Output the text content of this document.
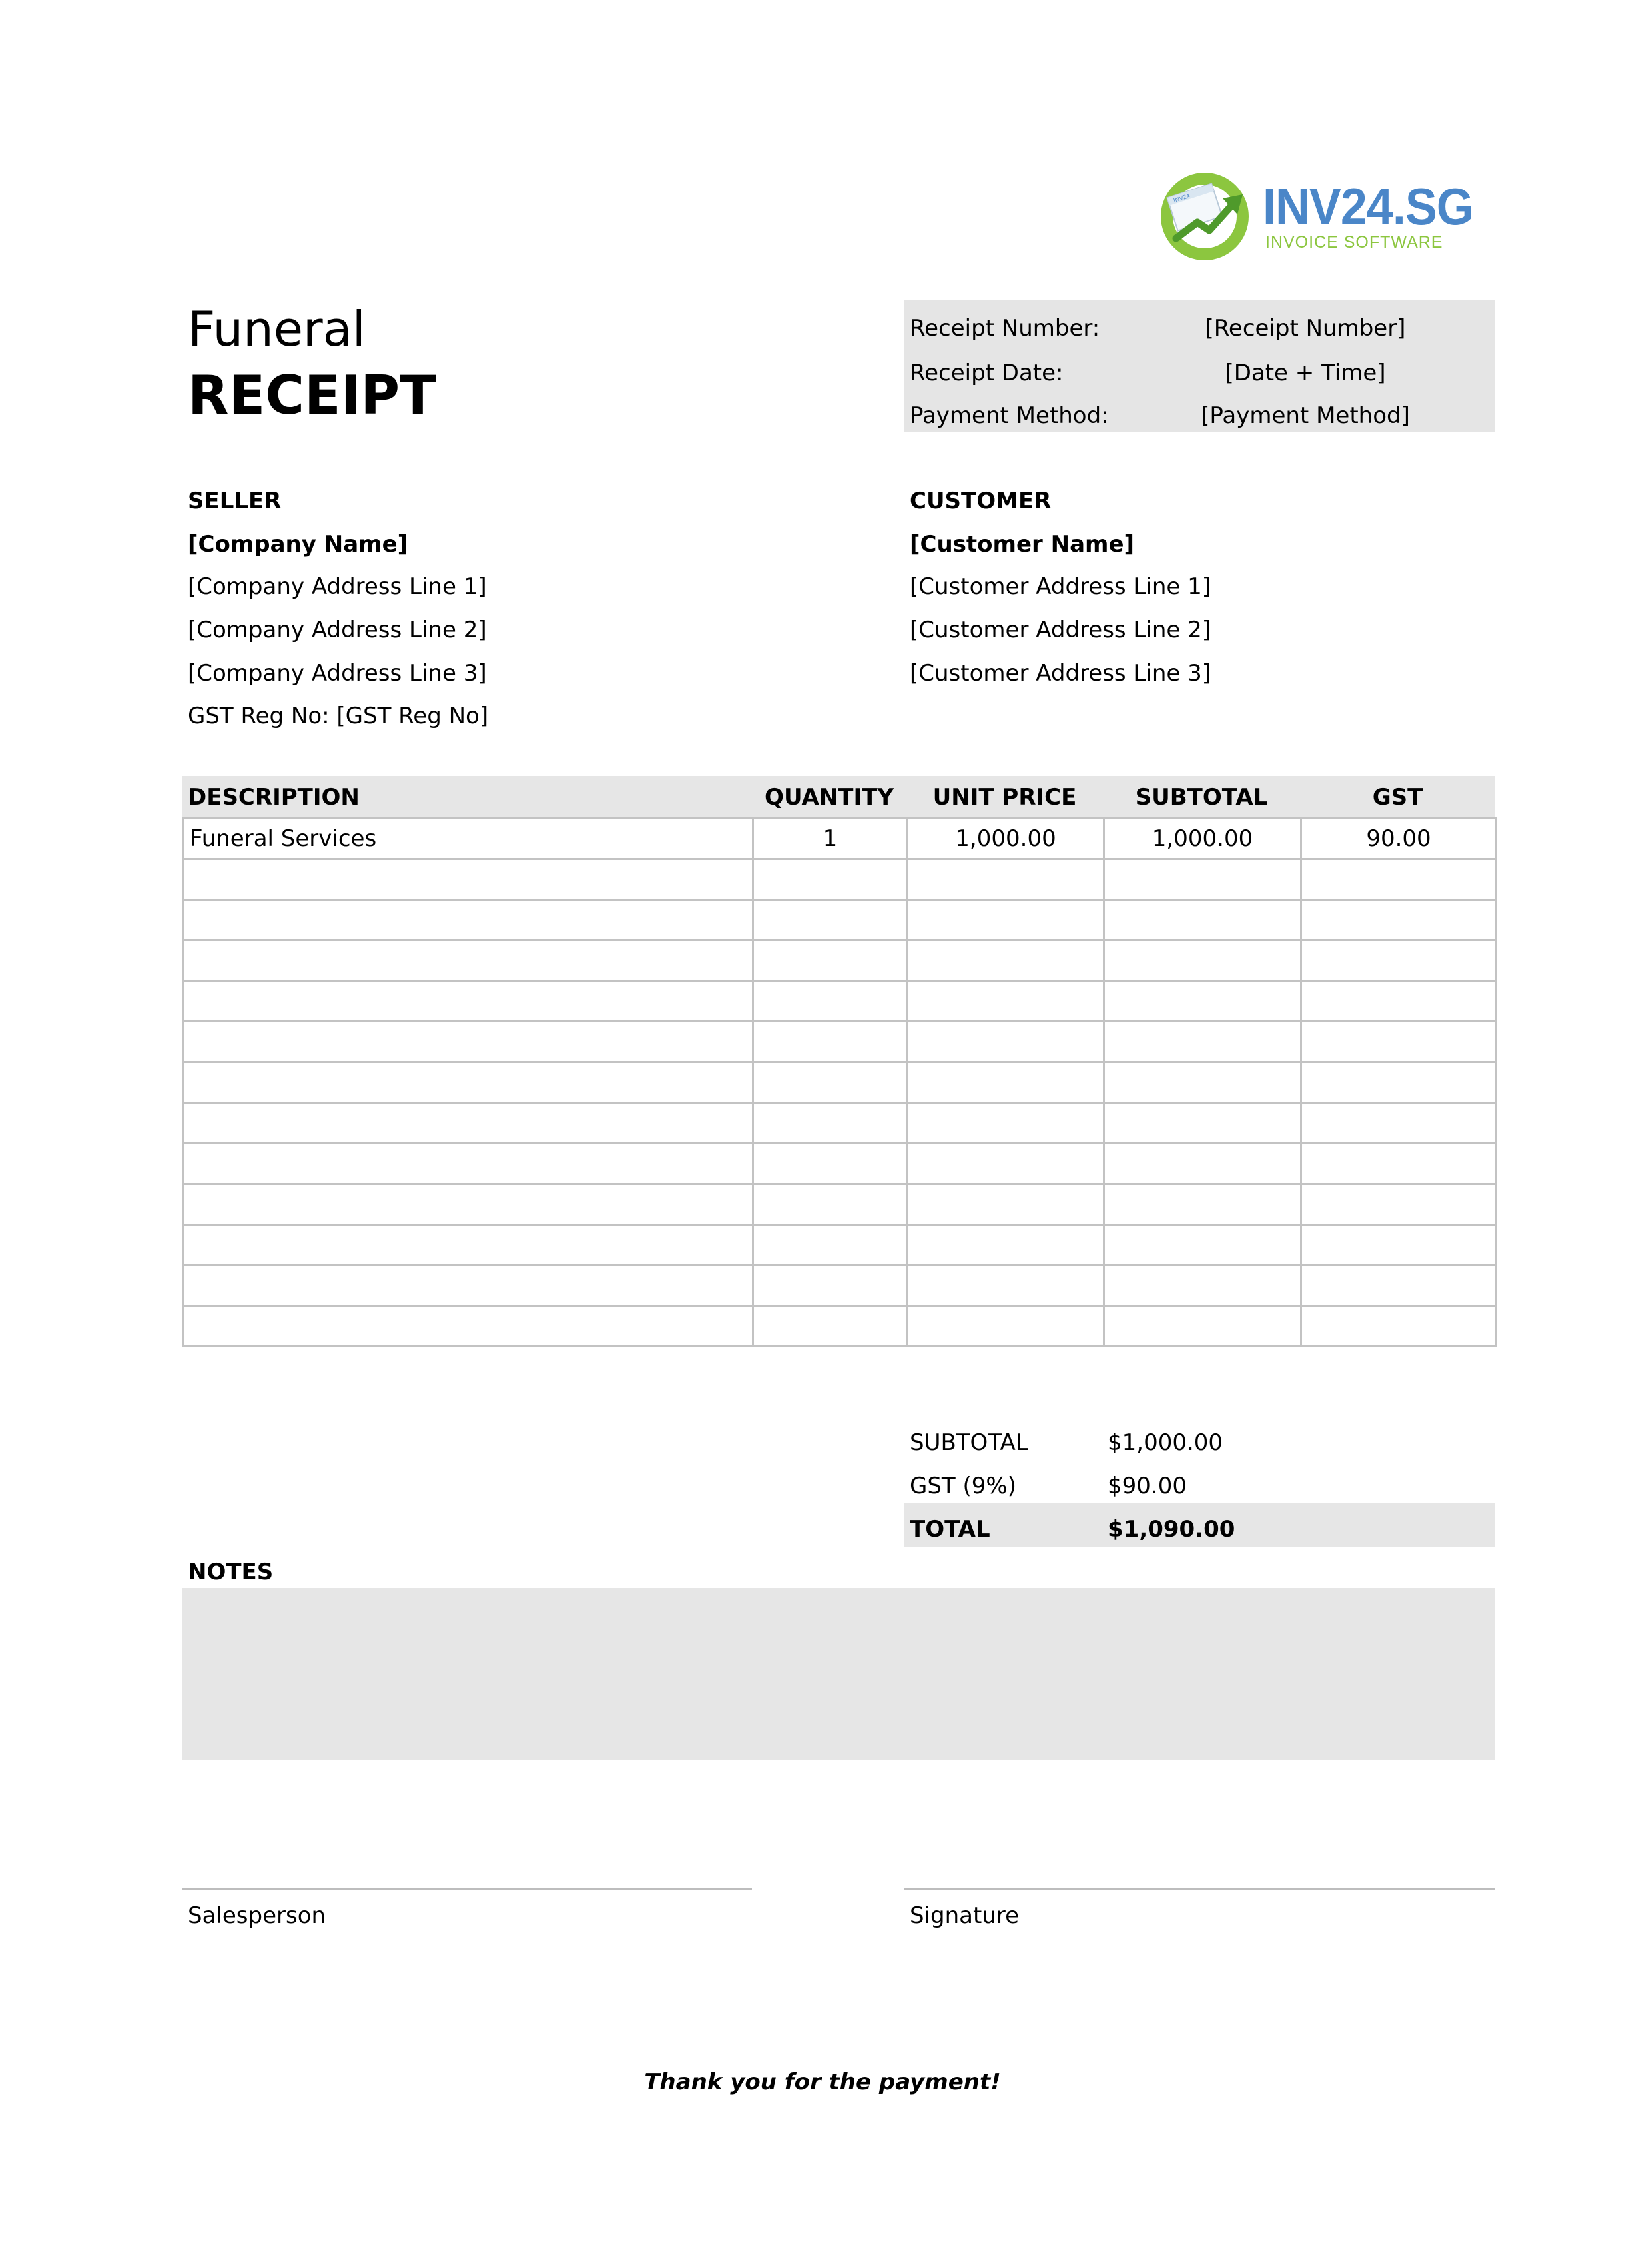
INV24 INV24.SG
INVOICE SOFTWARE
Funeral
RECEIPT
Receipt Number:	[Receipt Number]
Receipt Date:	[Date + Time]
Payment Method:	[Payment Method]
SELLER
[Company Name]
[Company Address Line 1]
[Company Address Line 2]
[Company Address Line 3]
GST Reg No: [GST Reg No]
CUSTOMER
[Customer Name]
[Customer Address Line 1]
[Customer Address Line 2]
[Customer Address Line 3]
DESCRIPTION	QUANTITY	UNIT PRICE	SUBTOTAL	GST
Funeral Services	1	1,000.00	1,000.00	90.00

SUBTOTAL	$1,000.00
GST (9%)	$90.00
TOTAL	$1,090.00
NOTES
Salesperson	Signature
Thank you for the payment!
